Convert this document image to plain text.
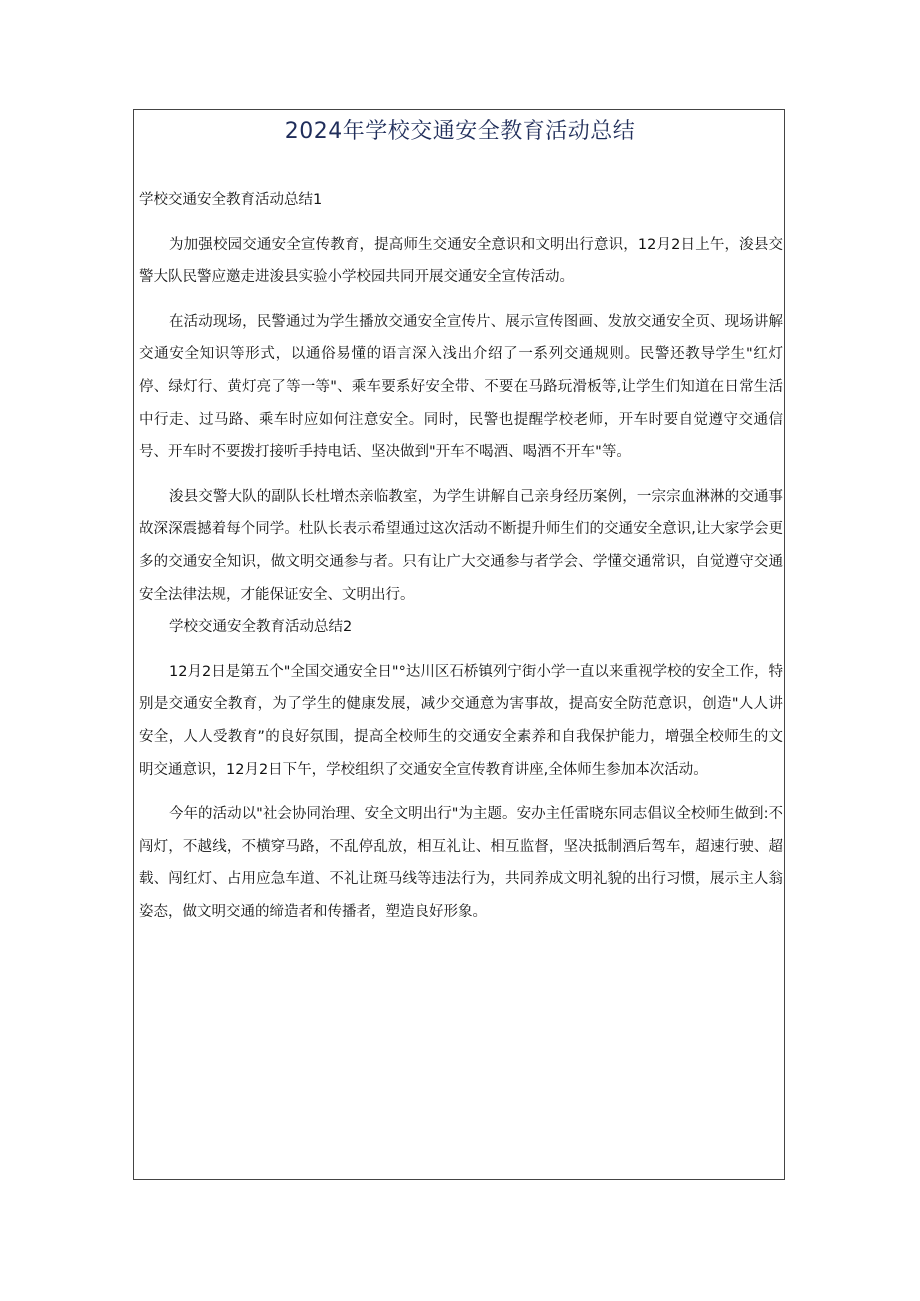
2024年学校交通安全教育活动总结

学校交通安全教育活动总结1

为加强校园交通安全宣传教育，提高师生交通安全意识和文明出行意识，12月2日上午，浚县交警大队民警应邀走进浚县实验小学校园共同开展交通安全宣传活动。

在活动现场，民警通过为学生播放交通安全宣传片、展示宣传图画、发放交通安全页、现场讲解交通安全知识等形式，以通俗易懂的语言深入浅出介绍了一系列交通规则。民警还教导学生"红灯停、绿灯行、黄灯亮了等一等"、乘车要系好安全带、不要在马路玩滑板等,让学生们知道在日常生活中行走、过马路、乘车时应如何注意安全。同时，民警也提醒学校老师，开车时要自觉遵守交通信号、开车时不要拨打接听手持电话、坚决做到"开车不喝酒、喝酒不开车"等。

浚县交警大队的副队长杜增杰亲临教室，为学生讲解自己亲身经历案例，一宗宗血淋淋的交通事故深深震撼着每个同学。杜队长表示希望通过这次活动不断提升师生们的交通安全意识,让大家学会更多的交通安全知识，做文明交通参与者。只有让广大交通参与者学会、学懂交通常识，自觉遵守交通安全法律法规，才能保证安全、文明出行。

学校交通安全教育活动总结2

12月2日是第五个"全国交通安全日"°达川区石桥镇列宁街小学一直以来重视学校的安全工作，特别是交通安全教育，为了学生的健康发展，减少交通意为害事故，提高安全防范意识，创造"人人讲安全，人人受教育”的良好氛围，提高全校师生的交通安全素养和自我保护能力，增强全校师生的文明交通意识，12月2日下午，学校组织了交通安全宣传教育讲座,全体师生参加本次活动。

今年的活动以"社会协同治理、安全文明出行"为主题。安办主任雷晓东同志倡议全校师生做到:不闯灯，不越线，不横穿马路，不乱停乱放，相互礼让、相互监督，坚决抵制酒后驾车，超速行驶、超载、闯红灯、占用应急车道、不礼让斑马线等违法行为，共同养成文明礼貌的出行习惯，展示主人翁姿态，做文明交通的缔造者和传播者，塑造良好形象。
